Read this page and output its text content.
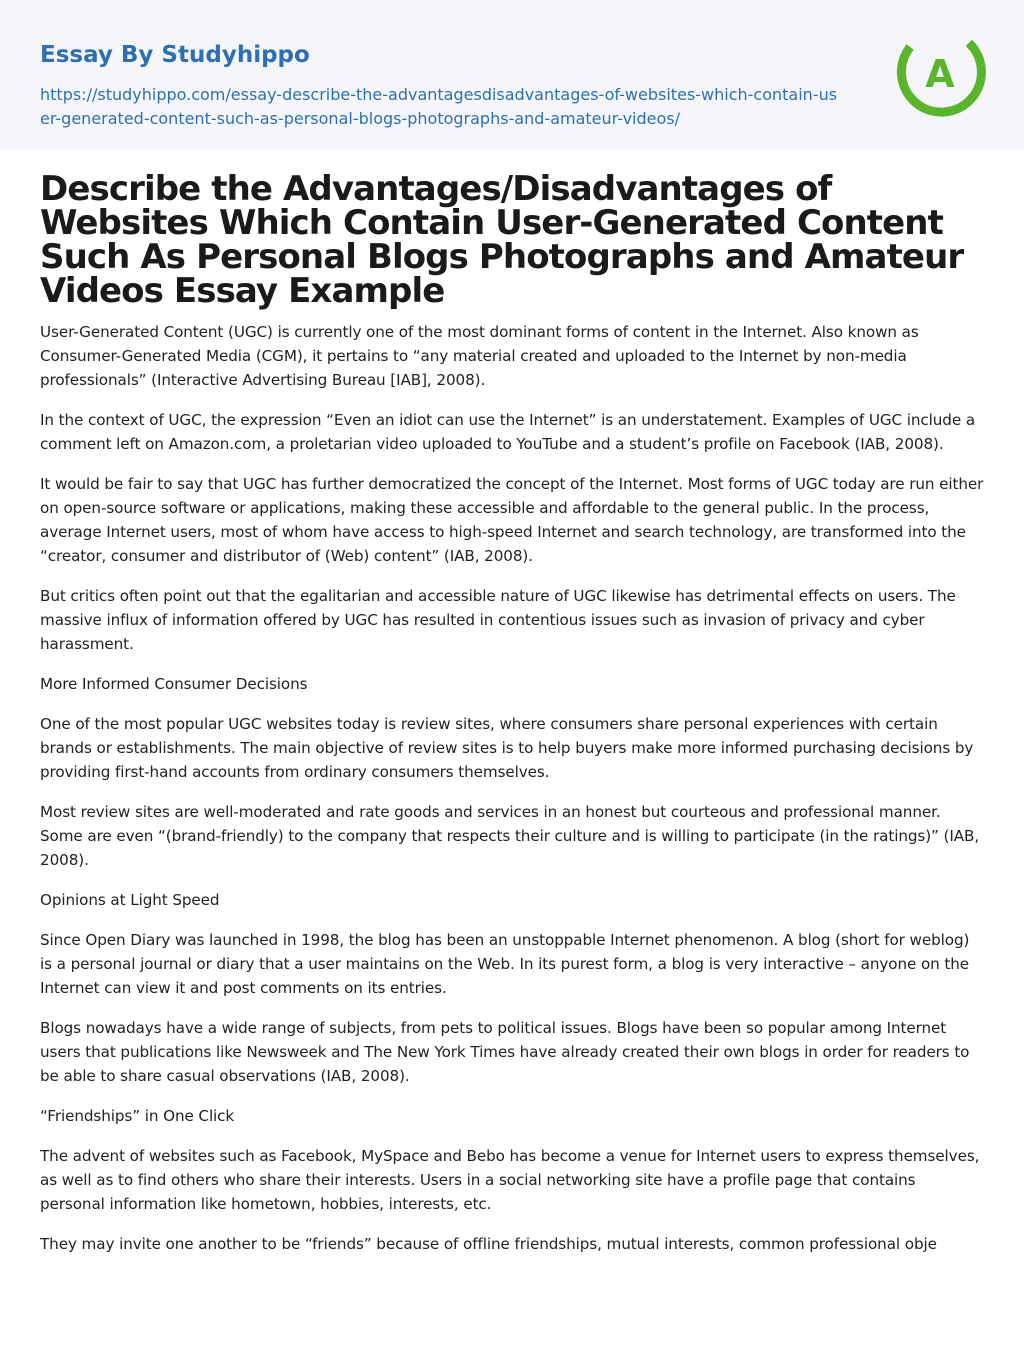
Essay By Studyhippo

https://studyhippo.com/essay-describe-the-advantagesdisadvantages-of-websites-which-contain-user-generated-content-such-as-personal-blogs-photographs-and-amateur-videos/
A
Describe the Advantages/Disadvantages of Websites Which Contain User-Generated Content Such As Personal Blogs Photographs and Amateur Videos Essay Example

User-Generated Content (UGC) is currently one of the most dominant forms of content in the Internet. Also known as Consumer-Generated Media (CGM), it pertains to “any material created and uploaded to the Internet by non-media professionals” (Interactive Advertising Bureau [IAB], 2008).

In the context of UGC, the expression “Even an idiot can use the Internet” is an understatement. Examples of UGC include a comment left on Amazon.com, a proletarian video uploaded to YouTube and a student’s profile on Facebook (IAB, 2008).

It would be fair to say that UGC has further democratized the concept of the Internet. Most forms of UGC today are run either on open-source software or applications, making these accessible and affordable to the general public. In the process, average Internet users, most of whom have access to high-speed Internet and search technology, are transformed into the “creator, consumer and distributor of (Web) content” (IAB, 2008).

But critics often point out that the egalitarian and accessible nature of UGC likewise has detrimental effects on users. The massive influx of information offered by UGC has resulted in contentious issues such as invasion of privacy and cyber harassment.

More Informed Consumer Decisions

One of the most popular UGC websites today is review sites, where consumers share personal experiences with certain brands or establishments. The main objective of review sites is to help buyers make more informed purchasing decisions by providing first-hand accounts from ordinary consumers themselves.

Most review sites are well-moderated and rate goods and services in an honest but courteous and professional manner. Some are even “(brand-friendly) to the company that respects their culture and is willing to participate (in the ratings)” (IAB, 2008).

Opinions at Light Speed

Since Open Diary was launched in 1998, the blog has been an unstoppable Internet phenomenon. A blog (short for weblog) is a personal journal or diary that a user maintains on the Web. In its purest form, a blog is very interactive – anyone on the Internet can view it and post comments on its entries.

Blogs nowadays have a wide range of subjects, from pets to political issues. Blogs have been so popular among Internet users that publications like Newsweek and The New York Times have already created their own blogs in order for readers to be able to share casual observations (IAB, 2008).

“Friendships” in One Click

The advent of websites such as Facebook, MySpace and Bebo has become a venue for Internet users to express themselves, as well as to find others who share their interests. Users in a social networking site have a profile page that contains personal information like hometown, hobbies, interests, etc.

They may invite one another to be “friends” because of offline friendships, mutual interests, common professional obje
